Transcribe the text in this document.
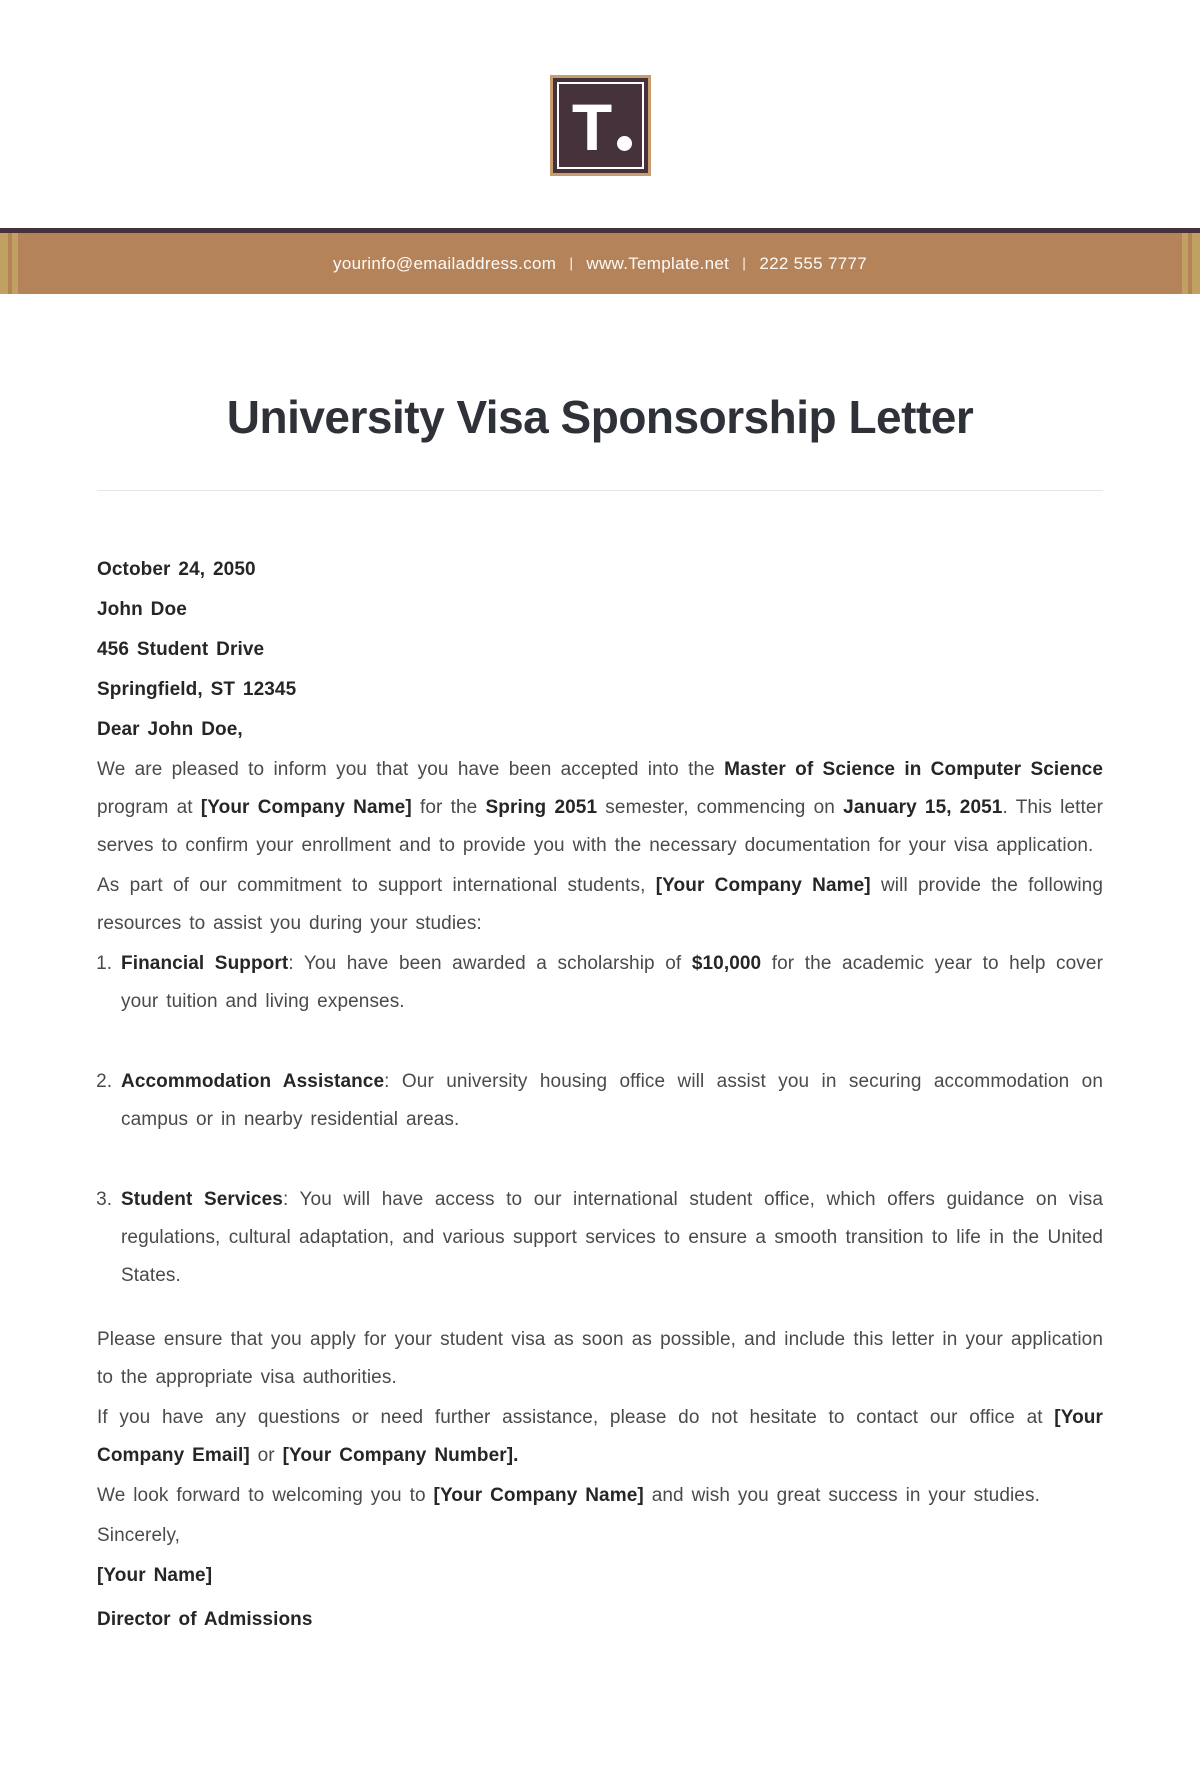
T
yourinfo@emailaddress.com | www.Template.net | 222 555 7777
University Visa Sponsorship Letter

October 24, 2050

John Doe

456 Student Drive

Springfield, ST 12345

Dear John Doe,

We are pleased to inform you that you have been accepted into the Master of Science in Computer Science program at [Your Company Name] for the Spring 2051 semester, commencing on January 15, 2051. This letter serves to confirm your enrollment and to provide you with the necessary documentation for your visa application.

As part of our commitment to support international students, [Your Company Name] will provide the following resources to assist you during your studies:

1. Financial Support: You have been awarded a scholarship of $10,000 for the academic year to help cover your tuition and living expenses.
2. Accommodation Assistance: Our university housing office will assist you in securing accommodation on campus or in nearby residential areas.
3. Student Services: You will have access to our international student office, which offers guidance on visa regulations, cultural adaptation, and various support services to ensure a smooth transition to life in the United States.

Please ensure that you apply for your student visa as soon as possible, and include this letter in your application to the appropriate visa authorities.

If you have any questions or need further assistance, please do not hesitate to contact our office at [Your Company Email] or [Your Company Number].

We look forward to welcoming you to [Your Company Name] and wish you great success in your studies.

Sincerely,

[Your Name]

Director of Admissions
